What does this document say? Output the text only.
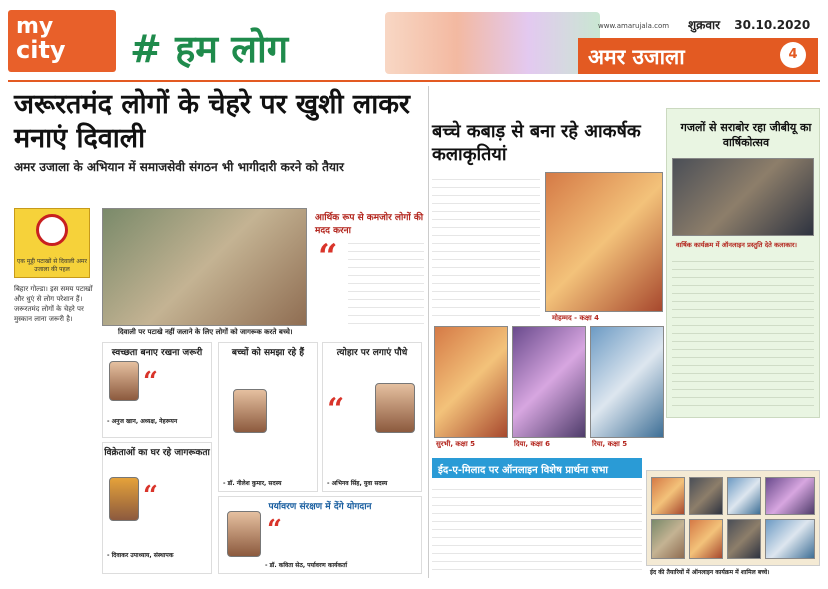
my
city	# हम लोग
www.amarujala.com शुक्रवार 30.10.2020
अमर उजाला	4
जरूरतमंद लोगों के चेहरे पर खुशी लाकर मनाएं दिवाली
अमर उजाला के अभियान में समाजसेवी संगठन भी भागीदारी करने को तैयार
एक मुट्ठी पटाखों से दिवाली अमर उजाला की पहल
बिहार गोल्डा। इस समय पटाखों और धुएं से लोग परेशान हैं। जरूरतमंद लोगों के चेहरे पर मुस्कान लाना जरूरी है।
दिवाली पर पटाखे नहीं जलाने के लिए लोगों को जागरूक करते बच्चे।
आर्थिक रूप से कमजोर लोगों की मदद करना
“
स्वच्छता बनाए रखना जरूरी
“
- अनुज खान, अध्यक्ष, नेहरूयन
बच्चों को समझा रहे हैं
- डॉ. नीलेश कुमार, सदस्य
त्योहार पर लगाएं पौधे
“
- अभिनव सिंह, युवा सदस्य
विक्रेताओं का घर रहे जागरूकता
“
- दिवाकर उपाध्याय, संस्थापक
पर्यावरण संरक्षण में देंगे योगदान
“
- डॉ. कविता सेठ, पर्यावरण कार्यकर्ता
बच्चे कबाड़ से बना रहे आकर्षक कलाकृतियां
मोहम्मद - कक्षा 4
सुरभी, कक्षा 5	दिया, कक्षा 6	रिया, कक्षा 5
गजलों से सराबोर रहा जीबीयू का वार्षिकोत्सव
वार्षिक कार्यक्रम में ऑनलाइन प्रस्तुति देते कलाकार।
ईद-ए-मिलाद पर ऑनलाइन विशेष प्रार्थना सभा
ईद की तैयारियों में ऑनलाइन कार्यक्रम में शामिल बच्चे।
